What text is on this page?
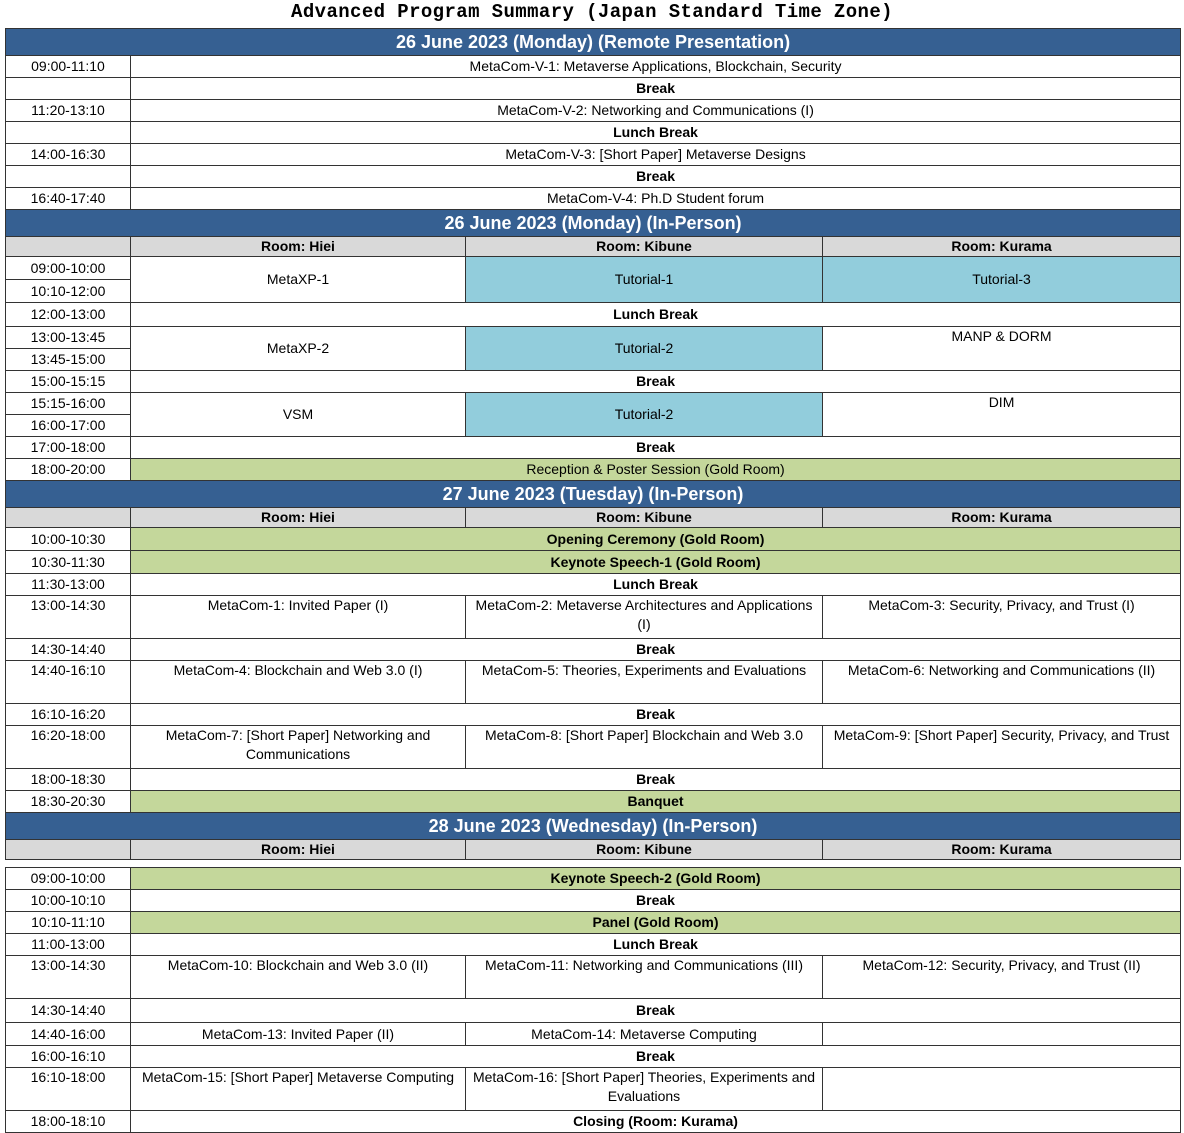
Advanced Program Summary (Japan Standard Time Zone)
26 June 2023 (Monday) (Remote Presentation)			
09:00-11:10	MetaCom-V-1: Metaverse Applications, Blockchain, Security		
	Break		
11:20-13:10	MetaCom-V-2: Networking and Communications (I)		
	Lunch Break		
14:00-16:30	MetaCom-V-3: [Short Paper] Metaverse Designs		
	Break		
16:40-17:40	MetaCom-V-4: Ph.D Student forum		
26 June 2023 (Monday) (In-Person)			
	Room: Hiei	Room: Kibune	Room: Kurama
09:00-10:00	MetaXP-1	Tutorial-1	Tutorial-3
10:10-12:00			
12:00-13:00	Lunch Break		
13:00-13:45	MetaXP-2	Tutorial-2	MANP & DORM
13:45-15:00			
15:00-15:15	Break		
15:15-16:00	VSM	Tutorial-2	DIM
16:00-17:00			
17:00-18:00	Break		
18:00-20:00	Reception & Poster Session (Gold Room)		
27 June 2023 (Tuesday) (In-Person)			
	Room: Hiei	Room: Kibune	Room: Kurama
10:00-10:30	Opening Ceremony (Gold Room)		
10:30-11:30	Keynote Speech-1 (Gold Room)		
11:30-13:00	Lunch Break		
13:00-14:30	MetaCom-1: Invited Paper (I)	MetaCom-2: Metaverse Architectures and Applications (I)	MetaCom-3: Security, Privacy, and Trust (I)
14:30-14:40	Break		
14:40-16:10	MetaCom-4: Blockchain and Web 3.0 (I)	MetaCom-5: Theories, Experiments and Evaluations	MetaCom-6: Networking and Communications (II)
16:10-16:20	Break		
16:20-18:00	MetaCom-7: [Short Paper] Networking and Communications	MetaCom-8: [Short Paper] Blockchain and Web 3.0	MetaCom-9: [Short Paper] Security, Privacy, and Trust
18:00-18:30	Break		
18:30-20:30	Banquet		
28 June 2023 (Wednesday) (In-Person)			
	Room: Hiei	Room: Kibune	Room: Kurama
09:00-10:00	Keynote Speech-2 (Gold Room)		
10:00-10:10	Break		
10:10-11:10	Panel (Gold Room)		
11:00-13:00	Lunch Break		
13:00-14:30	MetaCom-10: Blockchain and Web 3.0 (II)	MetaCom-11: Networking and Communications (III)	MetaCom-12: Security, Privacy, and Trust (II)
14:30-14:40	Break		
14:40-16:00	MetaCom-13: Invited Paper (II)	MetaCom-14: Metaverse Computing	
16:00-16:10	Break		
16:10-18:00	MetaCom-15: [Short Paper] Metaverse Computing	MetaCom-16: [Short Paper] Theories, Experiments and Evaluations	
18:00-18:10	Closing (Room: Kurama)		
